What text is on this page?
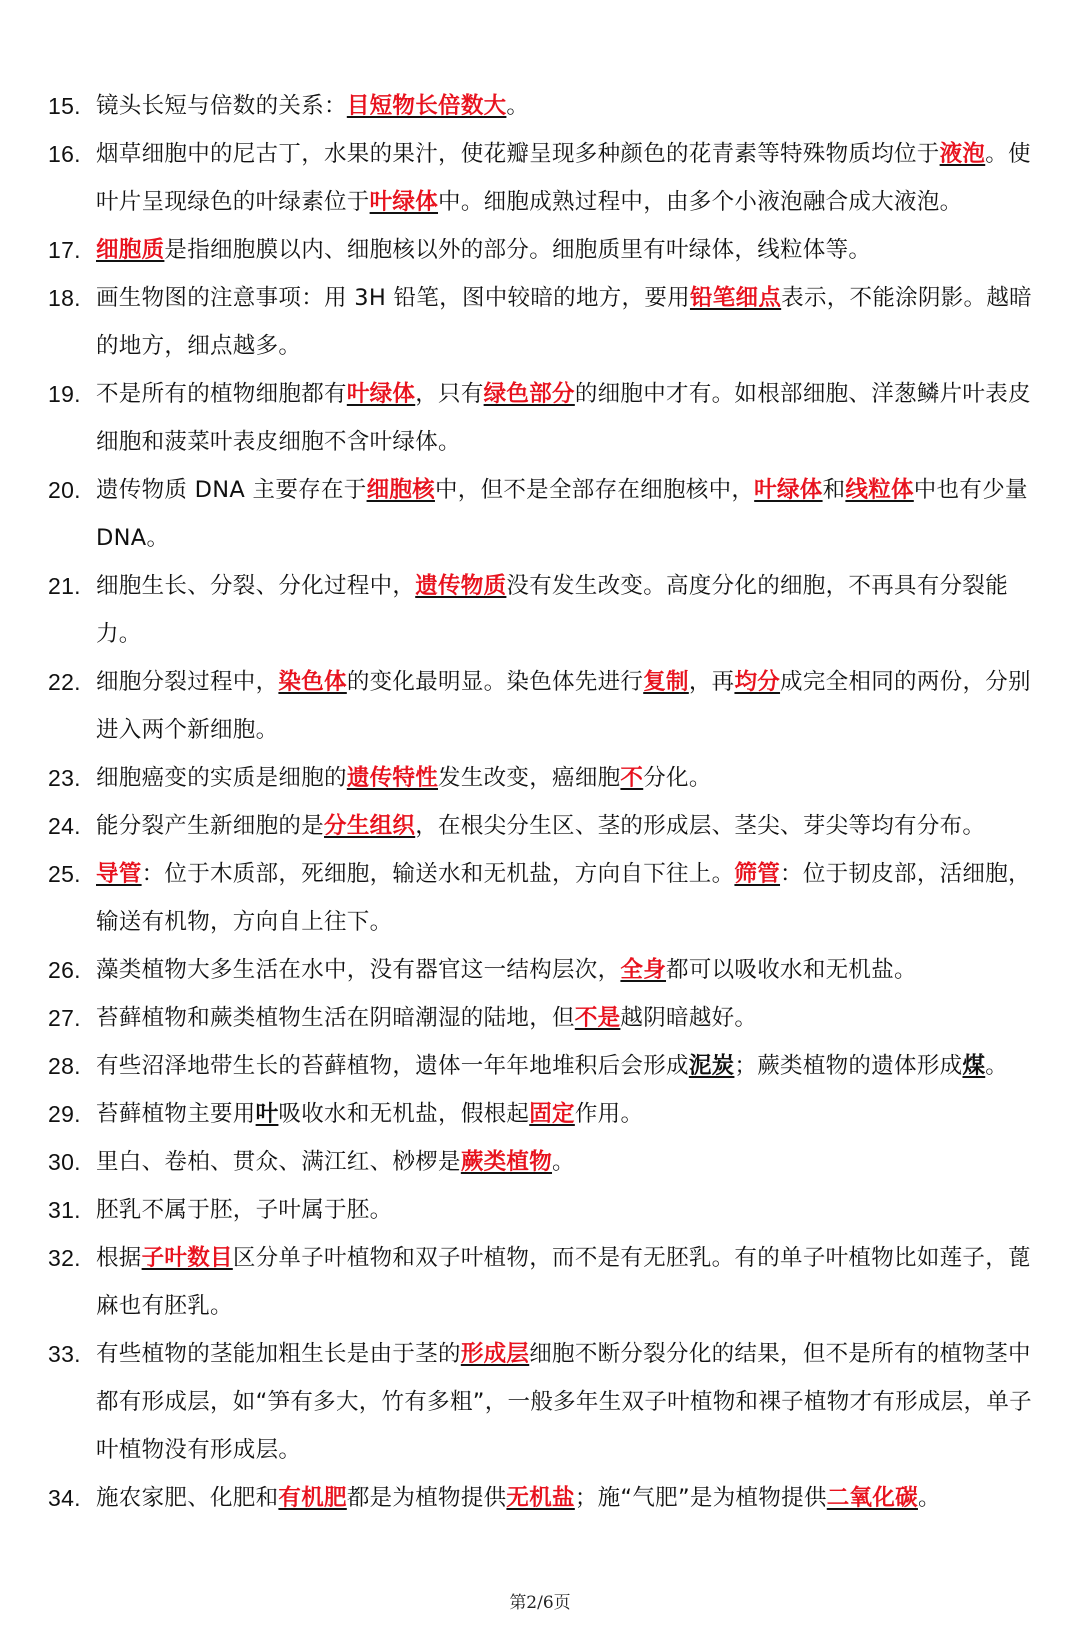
15. 镜头长短与倍数的关系：目短物长倍数大。
16. 烟草细胞中的尼古丁，水果的果汁，使花瓣呈现多种颜色的花青素等特殊物质均位于液泡。使叶片呈现绿色的叶绿素位于叶绿体中。细胞成熟过程中，由多个小液泡融合成大液泡。
17. 细胞质是指细胞膜以内、细胞核以外的部分。细胞质里有叶绿体，线粒体等。
18. 画生物图的注意事项：用 3H 铅笔，图中较暗的地方，要用铅笔细点表示，不能涂阴影。越暗的地方，细点越多。
19. 不是所有的植物细胞都有叶绿体，只有绿色部分的细胞中才有。如根部细胞、洋葱鳞片叶表皮细胞和菠菜叶表皮细胞不含叶绿体。
20. 遗传物质 DNA 主要存在于细胞核中，但不是全部存在细胞核中，叶绿体和线粒体中也有少量 DNA。
21. 细胞生长、分裂、分化过程中，遗传物质没有发生改变。高度分化的细胞，不再具有分裂能力。
22. 细胞分裂过程中，染色体的变化最明显。染色体先进行复制，再均分成完全相同的两份，分别进入两个新细胞。
23. 细胞癌变的实质是细胞的遗传特性发生改变，癌细胞不分化。
24. 能分裂产生新细胞的是分生组织，在根尖分生区、茎的形成层、茎尖、芽尖等均有分布。
25. 导管：位于木质部，死细胞，输送水和无机盐，方向自下往上。筛管：位于韧皮部，活细胞，输送有机物，方向自上往下。
26. 藻类植物大多生活在水中，没有器官这一结构层次，全身都可以吸收水和无机盐。
27. 苔藓植物和蕨类植物生活在阴暗潮湿的陆地，但不是越阴暗越好。
28. 有些沼泽地带生长的苔藓植物，遗体一年年地堆积后会形成泥炭；蕨类植物的遗体形成煤。
29. 苔藓植物主要用叶吸收水和无机盐，假根起固定作用。
30. 里白、卷柏、贯众、满江红、桫椤是蕨类植物。
31. 胚乳不属于胚，子叶属于胚。
32. 根据子叶数目区分单子叶植物和双子叶植物，而不是有无胚乳。有的单子叶植物比如莲子，蓖麻也有胚乳。
33. 有些植物的茎能加粗生长是由于茎的形成层细胞不断分裂分化的结果，但不是所有的植物茎中都有形成层，如“笋有多大，竹有多粗”，一般多年生双子叶植物和裸子植物才有形成层，单子叶植物没有形成层。
34. 施农家肥、化肥和有机肥都是为植物提供无机盐；施“气肥”是为植物提供二氧化碳。
第2/6页
